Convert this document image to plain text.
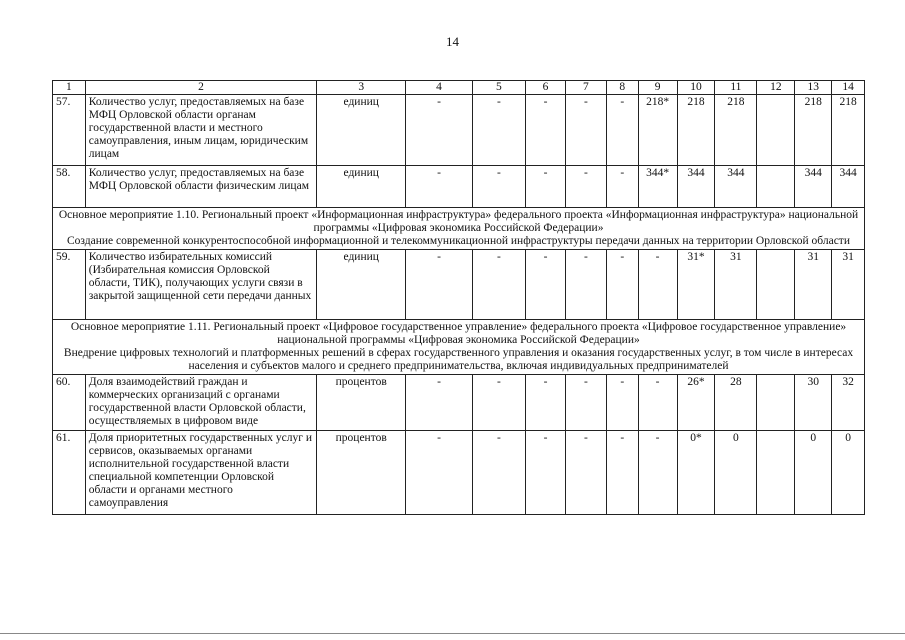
14
1	2	3	4	5	6	7	8	9	10	11	12	13	14
57.	Количество услуг, предоставляемых на базе МФЦ Орловской области органам государственной власти и местного самоуправления, иным лицам, юридическим лицам	единиц	-	-	-	-	-	218*	218	218		218	218
58.	Количество услуг, предоставляемых на базе МФЦ Орловской области физическим лицам	единиц	-	-	-	-	-	344*	344	344		344	344

Основное мероприятие 1.10. Региональный проект «Информационная инфраструктура» федерального проекта «Информационная инфраструктура» национальной программы «Цифровая экономика Российской Федерации»
Создание современной конкурентоспособной информационной и телекоммуникационной инфраструктуры передачи данных на территории Орловской области													

59.	Количество избирательных комиссий (Избирательная комиссия Орловской области, ТИК), получающих услуги связи в закрытой защищенной сети передачи данных	единиц	-	-	-	-	-	-	31*	31		31	31

Основное мероприятие 1.11. Региональный проект «Цифровое государственное управление» федерального проекта «Цифровое государственное управление» национальной программы «Цифровая экономика Российской Федерации»
Внедрение цифровых технологий и платформенных решений в сферах государственного управления и оказания государственных услуг, в том числе в интересах населения и субъектов малого и среднего предпринимательства, включая индивидуальных предпринимателей													

60.	Доля взаимодействий граждан и коммерческих организаций с органами государственной власти Орловской области, осуществляемых в цифровом виде	процентов	-	-	-	-	-	-	26*	28		30	32
61.	Доля приоритетных государственных услуг и сервисов, оказываемых органами исполнительной государственной власти специальной компетенции Орловской области и органами местного самоуправления	процентов	-	-	-	-	-	-	0*	0		0	0
